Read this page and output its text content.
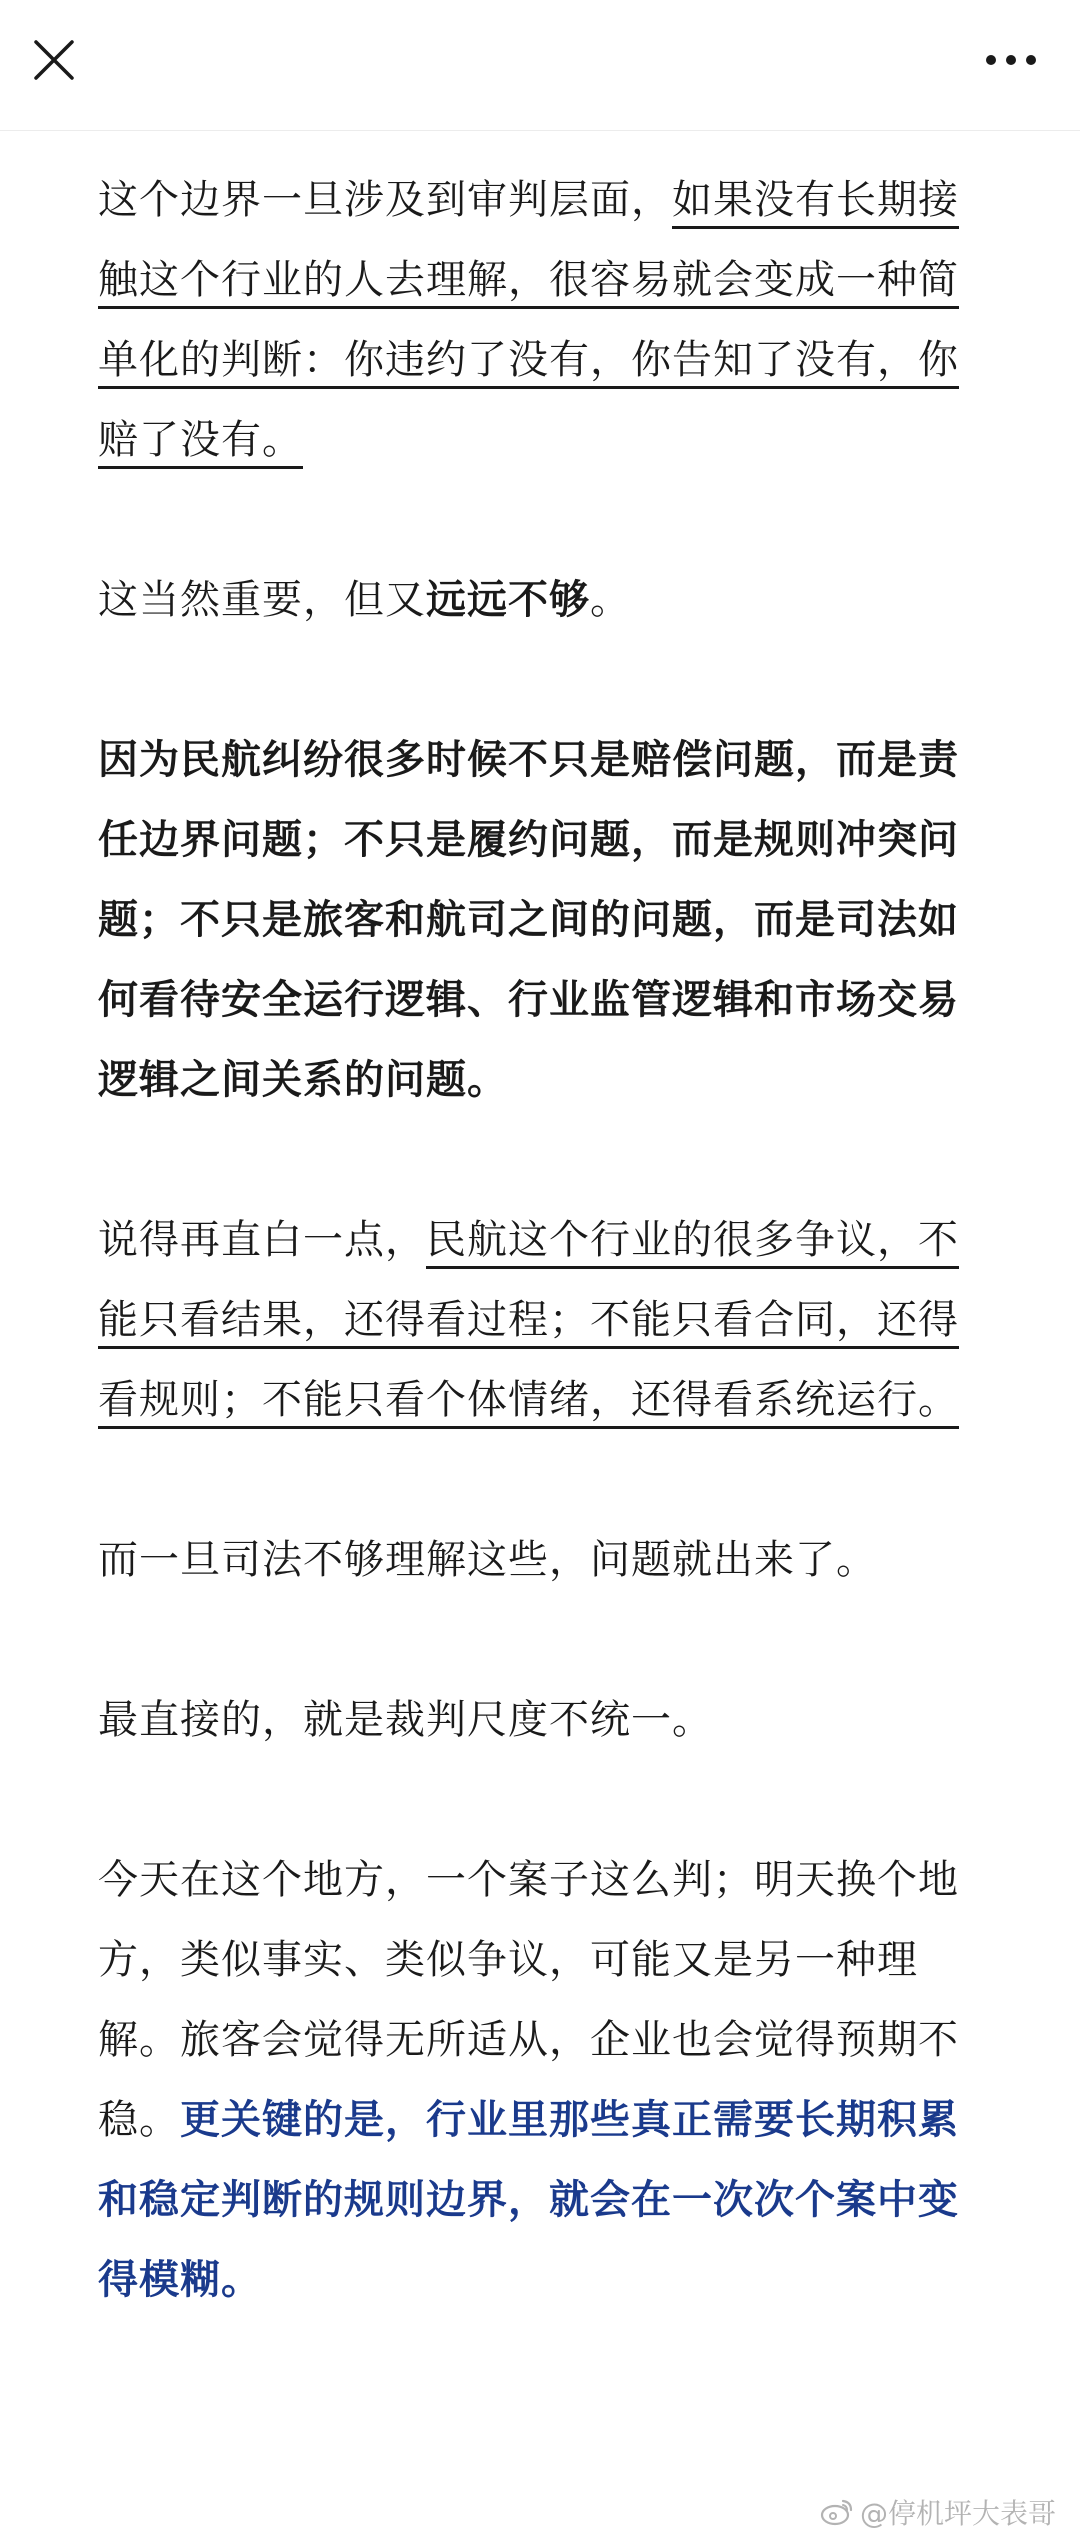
这个边界一旦涉及到审判层面，如果没有长期接触这个行业的人去理解，很容易就会变成一种简单化的判断：你违约了没有，你告知了没有，你赔了没有。

这当然重要，但又远远不够。

因为民航纠纷很多时候不只是赔偿问题，而是责任边界问题；不只是履约问题，而是规则冲突问题；不只是旅客和航司之间的问题，而是司法如何看待安全运行逻辑、行业监管逻辑和市场交易逻辑之间关系的问题。

说得再直白一点，民航这个行业的很多争议，不能只看结果，还得看过程；不能只看合同，还得看规则；不能只看个体情绪，还得看系统运行。

而一旦司法不够理解这些，问题就出来了。

最直接的，就是裁判尺度不统一。

今天在这个地方，一个案子这么判；明天换个地方，类似事实、类似争议，可能又是另一种理解。旅客会觉得无所适从，企业也会觉得预期不稳。更关键的是，行业里那些真正需要长期积累和稳定判断的规则边界，就会在一次次个案中变得模糊。

@停机坪大表哥
